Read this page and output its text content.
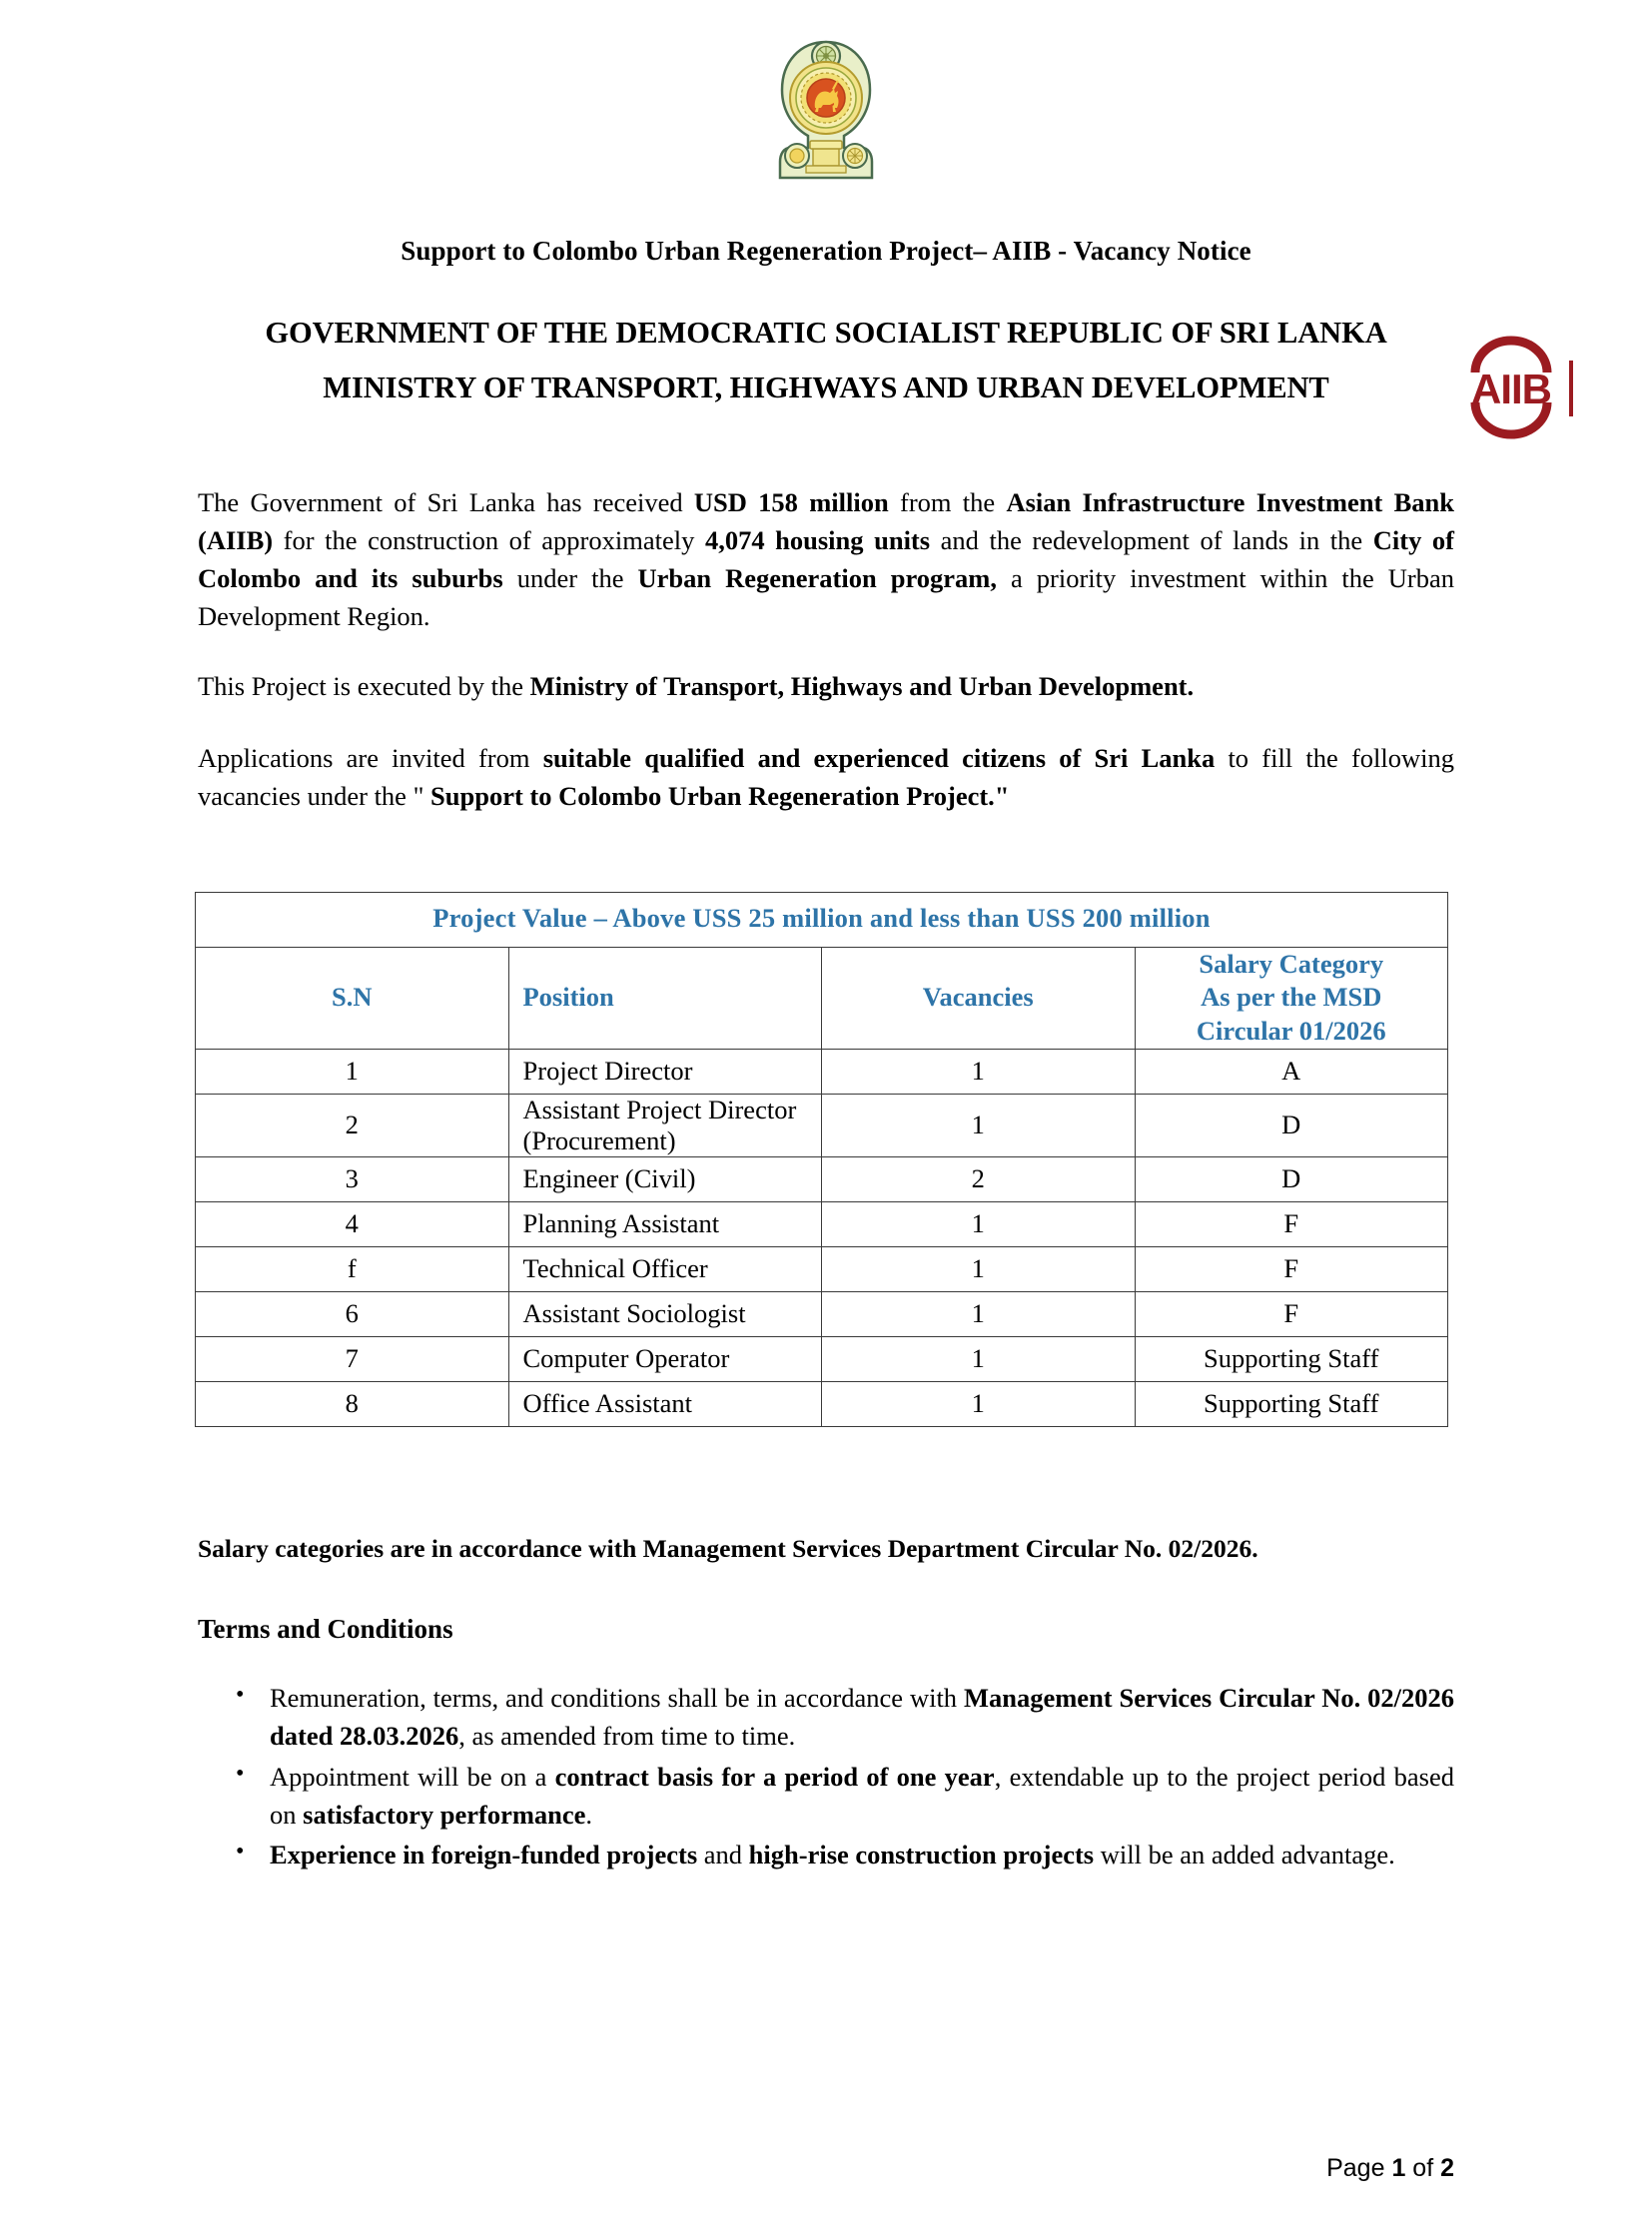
Support to Colombo Urban Regeneration Project– AIIB - Vacancy Notice
GOVERNMENT OF THE DEMOCRATIC SOCIALIST REPUBLIC OF SRI LANKA
MINISTRY OF TRANSPORT, HIGHWAYS AND URBAN DEVELOPMENT	AIIB

The Government of Sri Lanka has received USD 158 million from the Asian Infrastructure Investment Bank (AIIB) for the construction of approximately 4,074 housing units and the redevelopment of lands in the City of Colombo and its suburbs under the Urban Regeneration program, a priority investment within the Urban Development Region.

This Project is executed by the Ministry of Transport, Highways and Urban Development.

Applications are invited from suitable qualified and experienced citizens of Sri Lanka to fill the following vacancies under the " Support to Colombo Urban Regeneration Project."

Project Value – Above USS 25 million and less than USS 200 million			
S.N	Position	Vacancies	Salary Category
As per the MSD
Circular 01/2026

1	Project Director	1	A
2	Assistant Project Director (Procurement)	1	D
3	Engineer (Civil)	2	D
4	Planning Assistant	1	F
f	Technical Officer	1	F
6	Assistant Sociologist	1	F
7	Computer Operator	1	Supporting Staff
8	Office Assistant	1	Supporting Staff
Salary categories are in accordance with Management Services Department Circular No. 02/2026.
Terms and Conditions
• Remuneration, terms, and conditions shall be in accordance with Management Services Circular No. 02/2026 dated 28.03.2026, as amended from time to time.
• Appointment will be on a contract basis for a period of one year, extendable up to the project period based on satisfactory performance.
• Experience in foreign-funded projects and high-rise construction projects will be an added advantage.
Page 1 of 2
